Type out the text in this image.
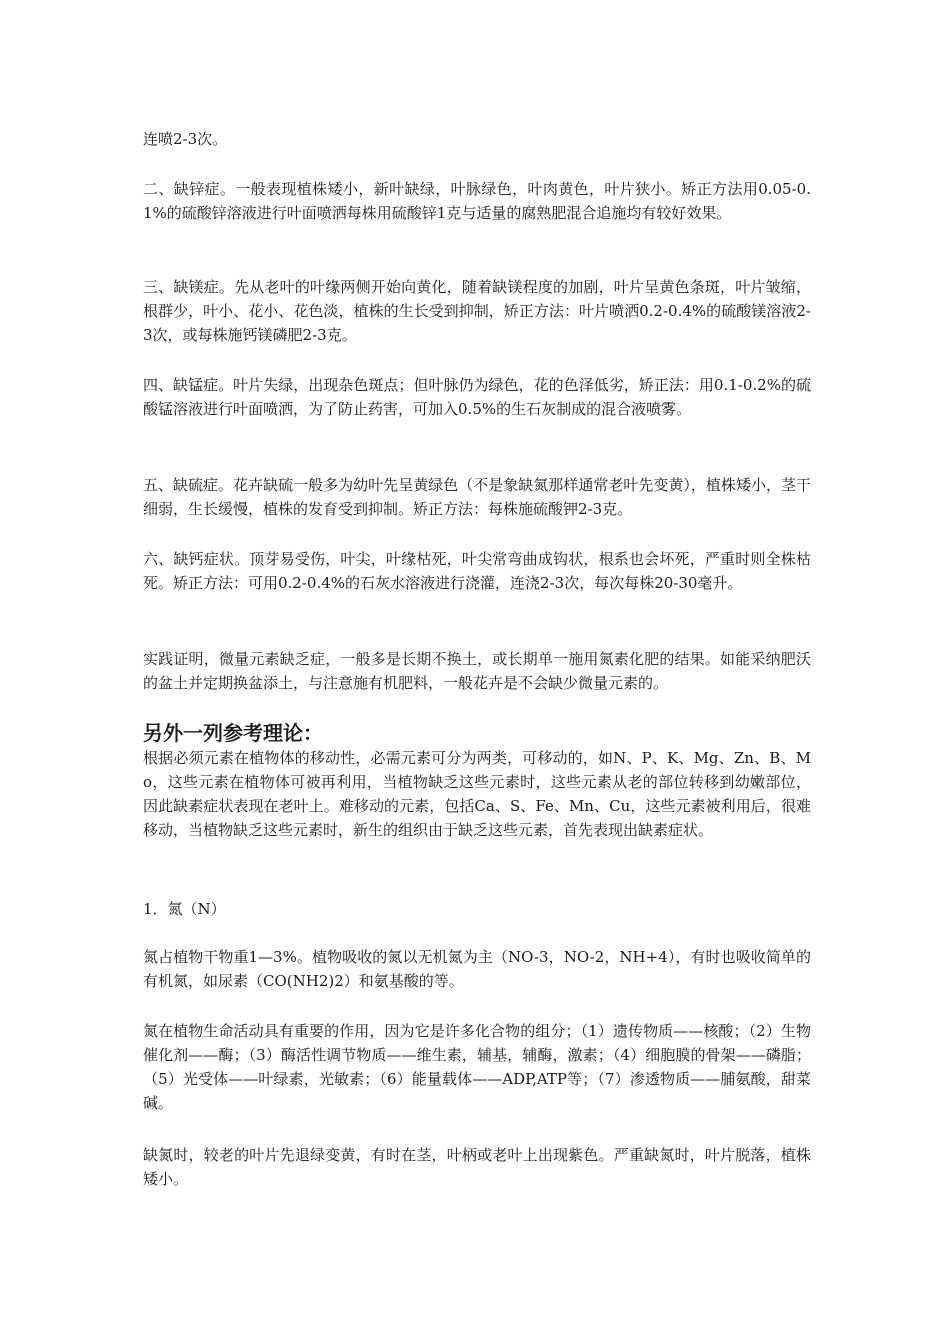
连喷2-3次。

二、缺锌症。一般表现植株矮小，新叶缺绿，叶脉绿色，叶肉黄色，叶片狭小。矫正方法用0.05-0.1%的硫酸锌溶液进行叶面喷洒每株用硫酸锌1克与适量的腐熟肥混合追施均有较好效果。

三、缺镁症。先从老叶的叶缘两侧开始向黄化，随着缺镁程度的加剧，叶片呈黄色条斑，叶片皱缩，根群少，叶小、花小、花色淡，植株的生长受到抑制，矫正方法：叶片喷洒0.2-0.4%的硫酸镁溶液2-3次，或每株施钙镁磷肥2-3克。

四、缺锰症。叶片失绿，出现杂色斑点；但叶脉仍为绿色，花的色泽低劣，矫正法：用0.1-0.2%的硫酸锰溶液进行叶面喷洒，为了防止药害，可加入0.5%的生石灰制成的混合液喷雾。

五、缺硫症。花卉缺硫一般多为幼叶先呈黄绿色（不是象缺氮那样通常老叶先变黄），植株矮小，茎干细弱，生长缓慢，植株的发育受到抑制。矫正方法：每株施硫酸钾2-3克。

六、缺钙症状。顶芽易受伤，叶尖，叶缘枯死，叶尖常弯曲成钩状，根系也会坏死，严重时则全株枯死。矫正方法：可用0.2-0.4%的石灰水溶液进行浇灌，连浇2-3次，每次每株20-30毫升。

实践证明，微量元素缺乏症，一般多是长期不换土，或长期单一施用氮素化肥的结果。如能采纳肥沃的盆土并定期换盆添土，与注意施有机肥料，一般花卉是不会缺少微量元素的。

另外一列参考理论：

根据必须元素在植物体的移动性，必需元素可分为两类，可移动的，如N、P、K、Mg、Zn、B、Mo，这些元素在植物体可被再利用，当植物缺乏这些元素时，这些元素从老的部位转移到幼嫩部位，因此缺素症状表现在老叶上。难移动的元素，包括Ca、S、Fe、Mn、Cu，这些元素被利用后，很难移动，当植物缺乏这些元素时，新生的组织由于缺乏这些元素，首先表现出缺素症状。

1．氮（N）

氮占植物干物重1—3%。植物吸收的氮以无机氮为主（NO-3，NO-2，NH+4），有时也吸收简单的有机氮，如尿素（CO(NH2)2）和氨基酸的等。

氮在植物生命活动具有重要的作用，因为它是许多化合物的组分；（1）遗传物质——核酸；（2）生物催化剂——酶；（3）酶活性调节物质——维生素，辅基，辅酶，激素；（4）细胞膜的骨架——磷脂；（5）光受体——叶绿素，光敏素；（6）能量载体——ADP,ATP等；（7）渗透物质——脯氨酸，甜菜碱。

缺氮时，较老的叶片先退绿变黄，有时在茎，叶柄或老叶上出现紫色。严重缺氮时，叶片脱落，植株矮小。
